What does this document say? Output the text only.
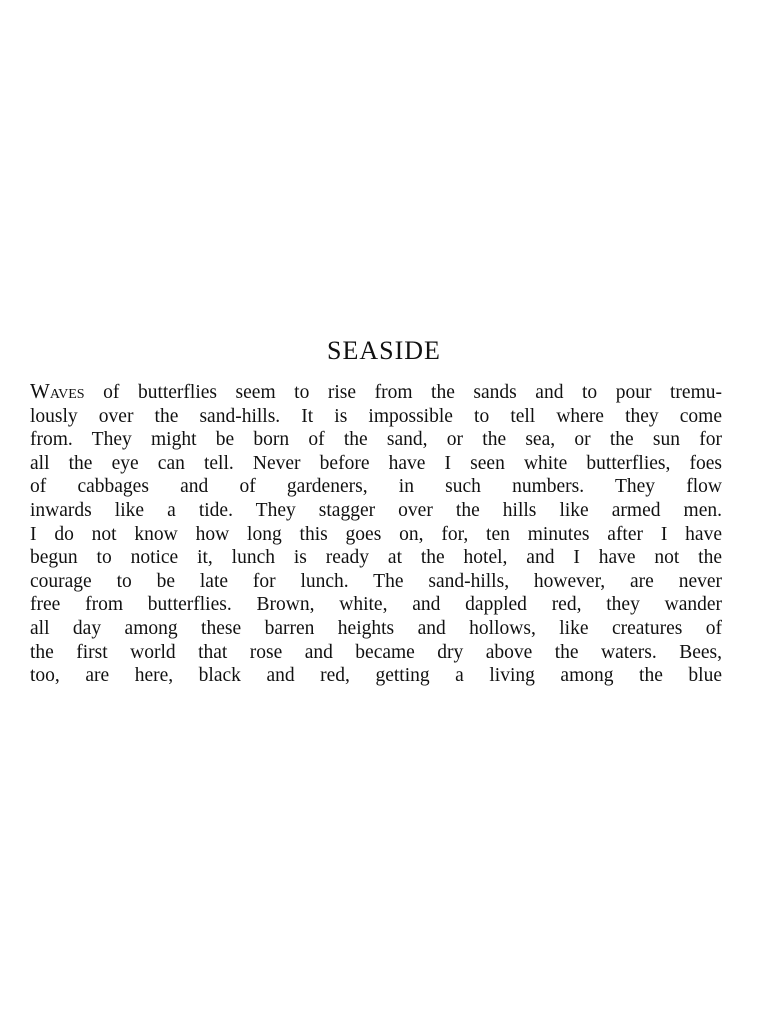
SEASIDE
Waves of butterflies seem to rise from the sands and to pour tremu-
lously over the sand-hills. It is impossible to tell where they come
from. They might be born of the sand, or the sea, or the sun for
all the eye can tell. Never before have I seen white butterflies, foes
of cabbages and of gardeners, in such numbers. They flow
inwards like a tide. They stagger over the hills like armed men.
I do not know how long this goes on, for, ten minutes after I have
begun to notice it, lunch is ready at the hotel, and I have not the
courage to be late for lunch. The sand-hills, however, are never
free from butterflies. Brown, white, and dappled red, they wander
all day among these barren heights and hollows, like creatures of
the first world that rose and became dry above the waters. Bees,
too, are here, black and red, getting a living among the blue
